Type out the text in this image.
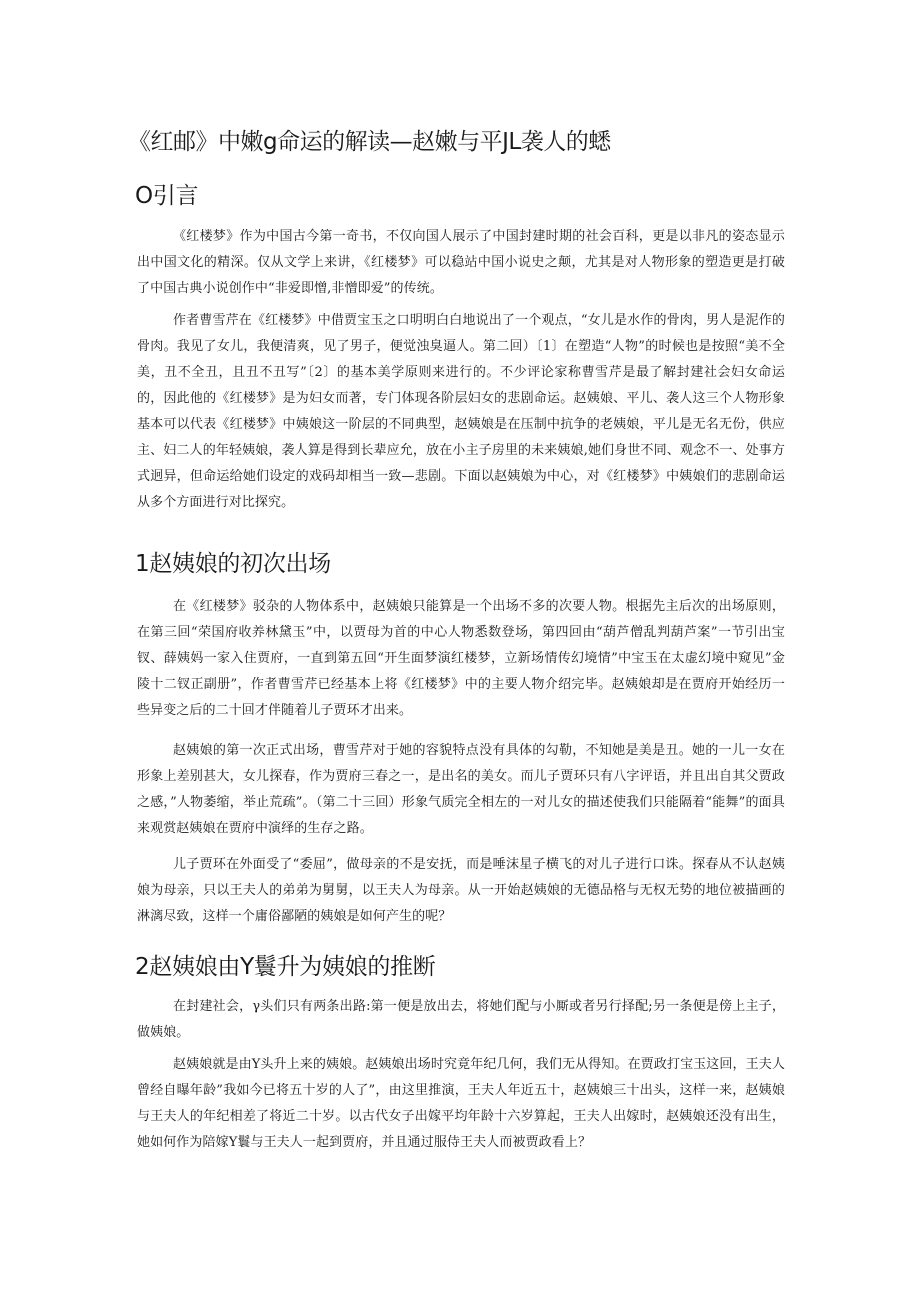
《红邮》中嫩g命运的解读—赵嫩与平JL袭人的蟋
O引言

《红楼梦》作为中国古今第一奇书，不仅向国人展示了中国封建时期的社会百科，更是以非凡的姿态显示出中国文化的精深。仅从文学上来讲，《红楼梦》可以稳站中国小说史之颠，尤其是对人物形象的塑造更是打破了中国古典小说创作中“非爱即憎,非憎即爱”的传统。

作者曹雪芹在《红楼梦》中借贾宝玉之口明明白白地说出了一个观点，“女儿是水作的骨肉，男人是泥作的骨肉。我见了女儿，我便清爽，见了男子，便觉浊臭逼人。第二回）〔1〕在塑造“人物”的时候也是按照“美不全美，丑不全丑，且丑不丑写”〔2〕的基本美学原则来进行的。不少评论家称曹雪芹是最了解封建社会妇女命运的，因此他的《红楼梦》是为妇女而著，专门体现各阶层妇女的悲剧命运。赵姨娘、平儿、袭人这三个人物形象基本可以代表《红楼梦》中姨娘这一阶层的不同典型，赵姨娘是在压制中抗争的老姨娘，平儿是无名无份，供应主、妇二人的年轻姨娘，袭人算是得到长辈应允，放在小主子房里的未来姨娘,她们身世不同、观念不一、处事方式迥异，但命运给她们设定的戏码却相当一致—悲剧。下面以赵姨娘为中心，对《红楼梦》中姨娘们的悲剧命运从多个方面进行对比探究。

1赵姨娘的初次出场

在《红楼梦》驳杂的人物体系中，赵姨娘只能算是一个出场不多的次要人物。根据先主后次的出场原则，在第三回“荣国府收养林黛玉”中，以贾母为首的中心人物悉数登场，第四回由“葫芦僧乱判葫芦案”一节引出宝钗、薛姨妈一家入住贾府，一直到第五回“开生面梦演红楼梦，立新场情传幻境情”中宝玉在太虚幻境中窥见”金陵十二钗正副册”，作者曹雪芹已经基本上将《红楼梦》中的主要人物介绍完毕。赵姨娘却是在贾府开始经历一些异变之后的二十回才伴随着儿子贾环才出来。

赵姨娘的第一次正式出场，曹雪芹对于她的容貌特点没有具体的勾勒，不知她是美是丑。她的一儿一女在形象上差别甚大，女儿探春，作为贾府三春之一，是出名的美女。而儿子贾环只有八字评语，并且出自其父贾政之感，”人物萎缩，举止荒疏”。（第二十三回）形象气质完全相左的一对儿女的描述使我们只能隔着“能舞”的面具来观赏赵姨娘在贾府中演绎的生存之路。

儿子贾环在外面受了“委屈”，做母亲的不是安抚，而是唾沫星子横飞的对儿子进行口诛。探春从不认赵姨娘为母亲，只以王夫人的弟弟为舅舅，以王夫人为母亲。从一开始赵姨娘的无德品格与无权无势的地位被描画的淋漓尽致，这样一个庸俗鄙陋的姨娘是如何产生的呢？

2赵姨娘由Y鬟升为姨娘的推断

在封建社会，γ头们只有两条出路:第一便是放出去，将她们配与小厮或者另行择配;另一条便是傍上主子，做姨娘。

赵姨娘就是由Y头升上来的姨娘。赵姨娘出场时究竟年纪几何，我们无从得知。在贾政打宝玉这回，王夫人曾经自曝年龄”我如今已将五十岁的人了”，由这里推演，王夫人年近五十，赵姨娘三十出头，这样一来，赵姨娘与王夫人的年纪相差了将近二十岁。以古代女子出嫁平均年龄十六岁算起，王夫人出嫁时，赵姨娘还没有出生，她如何作为陪嫁Y鬟与王夫人一起到贾府，并且通过服侍王夫人而被贾政看上？
